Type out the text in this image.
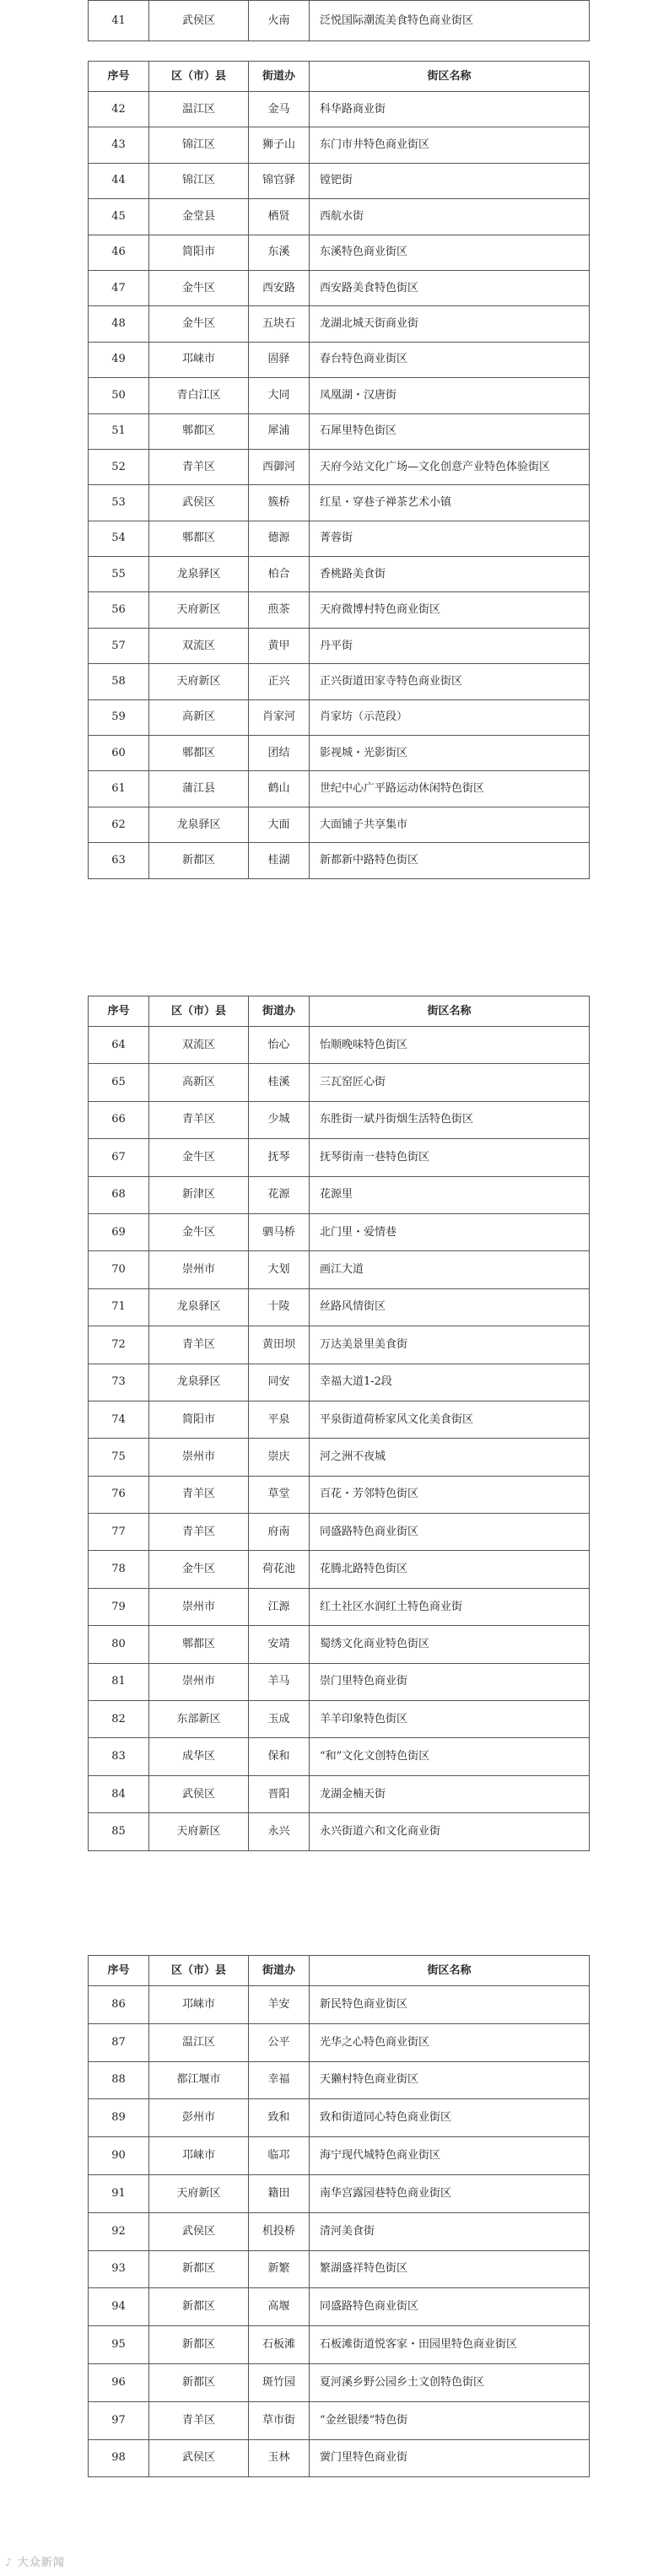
41	武侯区	火南	泛悦国际潮流美食特色商业街区
序号	区（市）县	街道办	街区名称
42	温江区	金马	科华路商业街
43	锦江区	狮子山	东门市井特色商业街区
44	锦江区	锦官驿	镗钯街
45	金堂县	栖贤	西航水街
46	简阳市	东溪	东溪特色商业街区
47	金牛区	西安路	西安路美食特色街区
48	金牛区	五块石	龙湖北城天街商业街
49	邛崃市	固驿	春台特色商业街区
50	青白江区	大同	凤凰湖・汉唐街
51	郫都区	犀浦	石犀里特色街区
52	青羊区	西御河	天府今站文化广场—文化创意产业特色体验街区
53	武侯区	簇桥	红星・穿巷子禅茶艺术小镇
54	郫都区	德源	菁蓉街
55	龙泉驿区	柏合	香桃路美食街
56	天府新区	煎茶	天府微博村特色商业街区
57	双流区	黄甲	丹平街
58	天府新区	正兴	正兴街道田家寺特色商业街区
59	高新区	肖家河	肖家坊（示范段）
60	郫都区	团结	影视城・光影街区
61	蒲江县	鹤山	世纪中心广平路运动休闲特色街区
62	龙泉驿区	大面	大面铺子共享集市
63	新都区	桂湖	新都新中路特色街区
序号	区（市）县	街道办	街区名称
64	双流区	怡心	怡顺晚味特色街区
65	高新区	桂溪	三瓦窑匠心街
66	青羊区	少城	东胜街一斌丹街烟生活特色街区
67	金牛区	抚琴	抚琴街南一巷特色街区
68	新津区	花源	花源里
69	金牛区	驷马桥	北门里・爱情巷
70	崇州市	大划	画江大道
71	龙泉驿区	十陵	丝路风情街区
72	青羊区	黄田坝	万达美景里美食街
73	龙泉驿区	同安	幸福大道1-2段
74	简阳市	平泉	平泉街道荷桥家风文化美食街区
75	崇州市	崇庆	河之洲不夜城
76	青羊区	草堂	百花・芳邻特色街区
77	青羊区	府南	同盛路特色商业街区
78	金牛区	荷花池	花腾北路特色街区
79	崇州市	江源	红土社区水润红土特色商业街
80	郫都区	安靖	蜀绣文化商业特色街区
81	崇州市	羊马	崇门里特色商业街
82	东部新区	玉成	羊羊印象特色街区
83	成华区	保和	“和”文化文创特色街区
84	武侯区	晋阳	龙湖金楠天街
85	天府新区	永兴	永兴街道六和文化商业街
序号	区（市）县	街道办	街区名称
86	邛崃市	羊安	新民特色商业街区
87	温江区	公平	光华之心特色商业街区
88	都江堰市	幸福	天獭村特色商业街区
89	彭州市	致和	致和街道同心特色商业街区
90	邛崃市	临邛	海宁现代城特色商业街区
91	天府新区	籍田	南华宫露园巷特色商业街区
92	武侯区	机投桥	清河美食街
93	新都区	新繁	繁湖盛祥特色街区
94	新都区	高堰	同盛路特色商业街区
95	新都区	石板滩	石板滩街道悦客家・田园里特色商业街区
96	新都区	斑竹园	夏河溪乡野公园乡土文创特色街区
97	青羊区	草市街	“金丝银缕”特色街
98	武侯区	玉林	黉门里特色商业街
♪ 大众新闻
